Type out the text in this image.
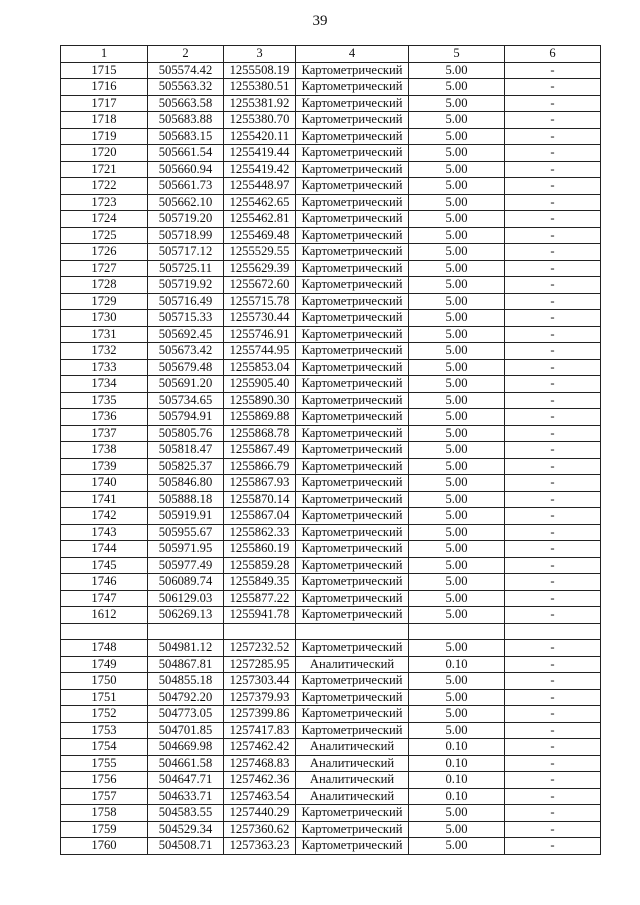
39
1	2	3	4	5	6
1715	505574.42	1255508.19	Картометрический	5.00	-
1716	505563.32	1255380.51	Картометрический	5.00	-
1717	505663.58	1255381.92	Картометрический	5.00	-
1718	505683.88	1255380.70	Картометрический	5.00	-
1719	505683.15	1255420.11	Картометрический	5.00	-
1720	505661.54	1255419.44	Картометрический	5.00	-
1721	505660.94	1255419.42	Картометрический	5.00	-
1722	505661.73	1255448.97	Картометрический	5.00	-
1723	505662.10	1255462.65	Картометрический	5.00	-
1724	505719.20	1255462.81	Картометрический	5.00	-
1725	505718.99	1255469.48	Картометрический	5.00	-
1726	505717.12	1255529.55	Картометрический	5.00	-
1727	505725.11	1255629.39	Картометрический	5.00	-
1728	505719.92	1255672.60	Картометрический	5.00	-
1729	505716.49	1255715.78	Картометрический	5.00	-
1730	505715.33	1255730.44	Картометрический	5.00	-
1731	505692.45	1255746.91	Картометрический	5.00	-
1732	505673.42	1255744.95	Картометрический	5.00	-
1733	505679.48	1255853.04	Картометрический	5.00	-
1734	505691.20	1255905.40	Картометрический	5.00	-
1735	505734.65	1255890.30	Картометрический	5.00	-
1736	505794.91	1255869.88	Картометрический	5.00	-
1737	505805.76	1255868.78	Картометрический	5.00	-
1738	505818.47	1255867.49	Картометрический	5.00	-
1739	505825.37	1255866.79	Картометрический	5.00	-
1740	505846.80	1255867.93	Картометрический	5.00	-
1741	505888.18	1255870.14	Картометрический	5.00	-
1742	505919.91	1255867.04	Картометрический	5.00	-
1743	505955.67	1255862.33	Картометрический	5.00	-
1744	505971.95	1255860.19	Картометрический	5.00	-
1745	505977.49	1255859.28	Картометрический	5.00	-
1746	506089.74	1255849.35	Картометрический	5.00	-
1747	506129.03	1255877.22	Картометрический	5.00	-
1612	506269.13	1255941.78	Картометрический	5.00	-

1748	504981.12	1257232.52	Картометрический	5.00	-
1749	504867.81	1257285.95	Аналитический	0.10	-
1750	504855.18	1257303.44	Картометрический	5.00	-
1751	504792.20	1257379.93	Картометрический	5.00	-
1752	504773.05	1257399.86	Картометрический	5.00	-
1753	504701.85	1257417.83	Картометрический	5.00	-
1754	504669.98	1257462.42	Аналитический	0.10	-
1755	504661.58	1257468.83	Аналитический	0.10	-
1756	504647.71	1257462.36	Аналитический	0.10	-
1757	504633.71	1257463.54	Аналитический	0.10	-
1758	504583.55	1257440.29	Картометрический	5.00	-
1759	504529.34	1257360.62	Картометрический	5.00	-
1760	504508.71	1257363.23	Картометрический	5.00	-
